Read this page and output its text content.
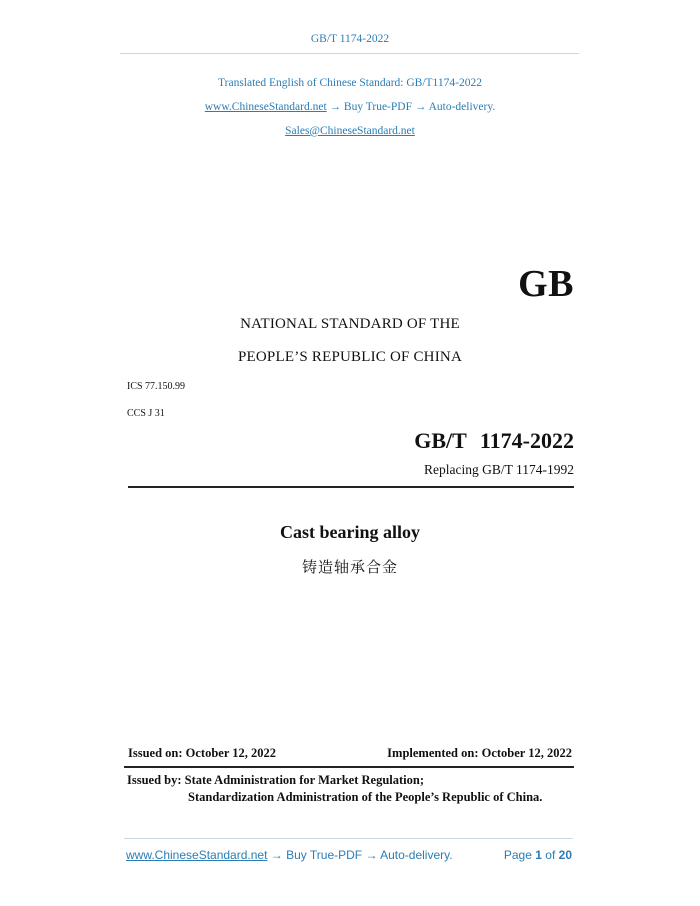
GB/T 1174-2022
Translated English of Chinese Standard: GB/T1174-2022
www.ChineseStandard.net → Buy True-PDF → Auto-delivery.
Sales@ChineseStandard.net
GB
NATIONAL STANDARD OF THE
PEOPLE’S REPUBLIC OF CHINA
ICS 77.150.99
CCS J 31
GB/T 1174-2022
Replacing GB/T 1174-1992
Cast bearing alloy
铸造轴承合金
Issued on: October 12, 2022	Implemented on: October 12, 2022
Issued by: State Administration for Market Regulation;
Standardization Administration of the People’s Republic of China.
www.ChineseStandard.net → Buy True-PDF → Auto-delivery.	Page 1 of 20
